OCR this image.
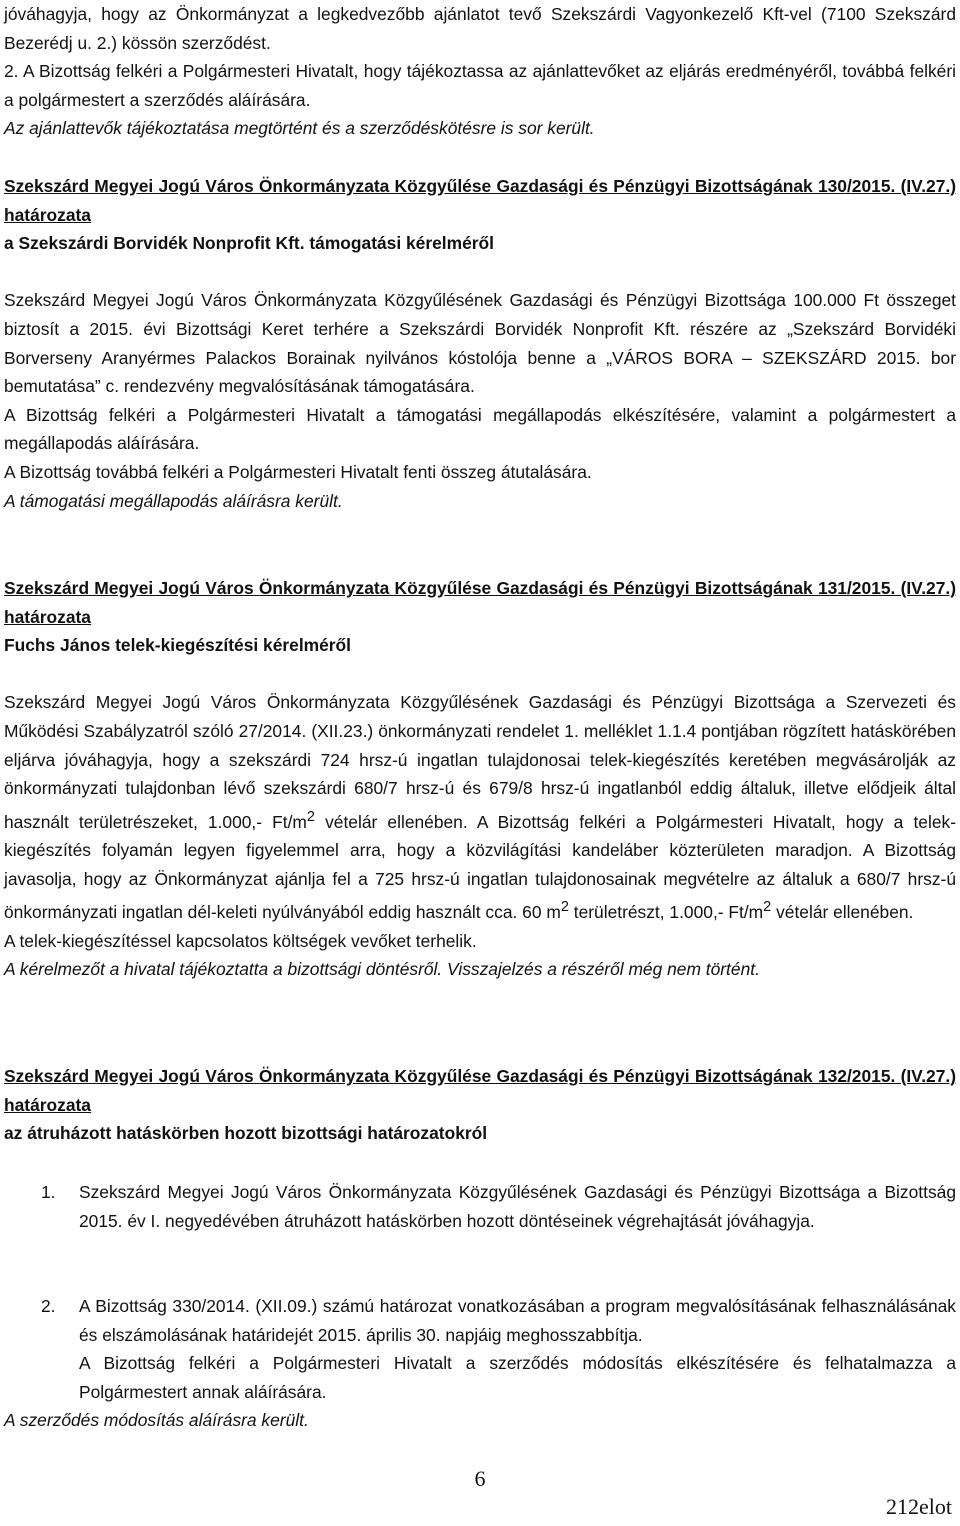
jóváhagyja, hogy az Önkormányzat a legkedvezőbb ajánlatot tevő Szekszárdi Vagyonkezelő Kft-vel (7100 Szekszárd Bezerédj u. 2.) kössön szerződést.

2. A Bizottság felkéri a Polgármesteri Hivatalt, hogy tájékoztassa az ajánlattevőket az eljárás eredményéről, továbbá felkéri a polgármestert a szerződés aláírására.

Az ajánlattevők tájékoztatása megtörtént és a szerződéskötésre is sor került.

Szekszárd Megyei Jogú Város Önkormányzata Közgyűlése Gazdasági és Pénzügyi Bizottságának 130/2015. (IV.27.) határozata

a Szekszárdi Borvidék Nonprofit Kft. támogatási kérelméről

Szekszárd Megyei Jogú Város Önkormányzata Közgyűlésének Gazdasági és Pénzügyi Bizottsága 100.000 Ft összeget biztosít a 2015. évi Bizottsági Keret terhére a Szekszárdi Borvidék Nonprofit Kft. részére az „Szekszárd Borvidéki Borverseny Aranyérmes Palackos Borainak nyilvános kóstolója benne a „VÁROS BORA – SZEKSZÁRD 2015. bor bemutatása” c. rendezvény megvalósításának támogatására.

A Bizottság felkéri a Polgármesteri Hivatalt a támogatási megállapodás elkészítésére, valamint a polgármestert a megállapodás aláírására.

A Bizottság továbbá felkéri a Polgármesteri Hivatalt fenti összeg átutalására.

A támogatási megállapodás aláírásra került.

Szekszárd Megyei Jogú Város Önkormányzata Közgyűlése Gazdasági és Pénzügyi Bizottságának 131/2015. (IV.27.) határozata

Fuchs János telek-kiegészítési kérelméről

Szekszárd Megyei Jogú Város Önkormányzata Közgyűlésének Gazdasági és Pénzügyi Bizottsága a Szervezeti és Működési Szabályzatról szóló 27/2014. (XII.23.) önkormányzati rendelet 1. melléklet 1.1.4 pontjában rögzített hatáskörében eljárva jóváhagyja, hogy a szekszárdi 724 hrsz-ú ingatlan tulajdonosai telek-kiegészítés keretében megvásárolják az önkormányzati tulajdonban lévő szekszárdi 680/7 hrsz-ú és 679/8 hrsz-ú ingatlanból eddig általuk, illetve elődjeik által használt területrészeket, 1.000,- $Ft/m^2$ vételár ellenében. A Bizottság felkéri a Polgármesteri Hivatalt, hogy a telek-kiegészítés folyamán legyen figyelemmel arra, hogy a közvilágítási kandeláber közterületen maradjon. A Bizottság javasolja, hogy az Önkormányzat ajánlja fel a 725 hrsz-ú ingatlan tulajdonosainak megvételre az általuk a 680/7 hrsz-ú önkormányzati ingatlan dél-keleti nyúlványából eddig használt cca. 60 $m^2$ területrészt, 1.000,- $Ft/m^2$ vételár ellenében.

A telek-kiegészítéssel kapcsolatos költségek vevőket terhelik.

A kérelmezőt a hivatal tájékoztatta a bizottsági döntésről. Visszajelzés a részéről még nem történt.

Szekszárd Megyei Jogú Város Önkormányzata Közgyűlése Gazdasági és Pénzügyi Bizottságának 132/2015. (IV.27.) határozata

az átruházott hatáskörben hozott bizottsági határozatokról

1. Szekszárd Megyei Jogú Város Önkormányzata Közgyűlésének Gazdasági és Pénzügyi Bizottsága a Bizottság 2015. év I. negyedévében átruházott hatáskörben hozott döntéseinek végrehajtását jóváhagyja.

2. A Bizottság 330/2014. (XII.09.) számú határozat vonatkozásában a program megvalósításának felhasználásának és elszámolásának határidejét 2015. április 30. napjáig meghosszabbítja.

A Bizottság felkéri a Polgármesteri Hivatalt a szerződés módosítás elkészítésére és felhatalmazza a Polgármestert annak aláírására.

A szerződés módosítás aláírásra került.

6
212elot
